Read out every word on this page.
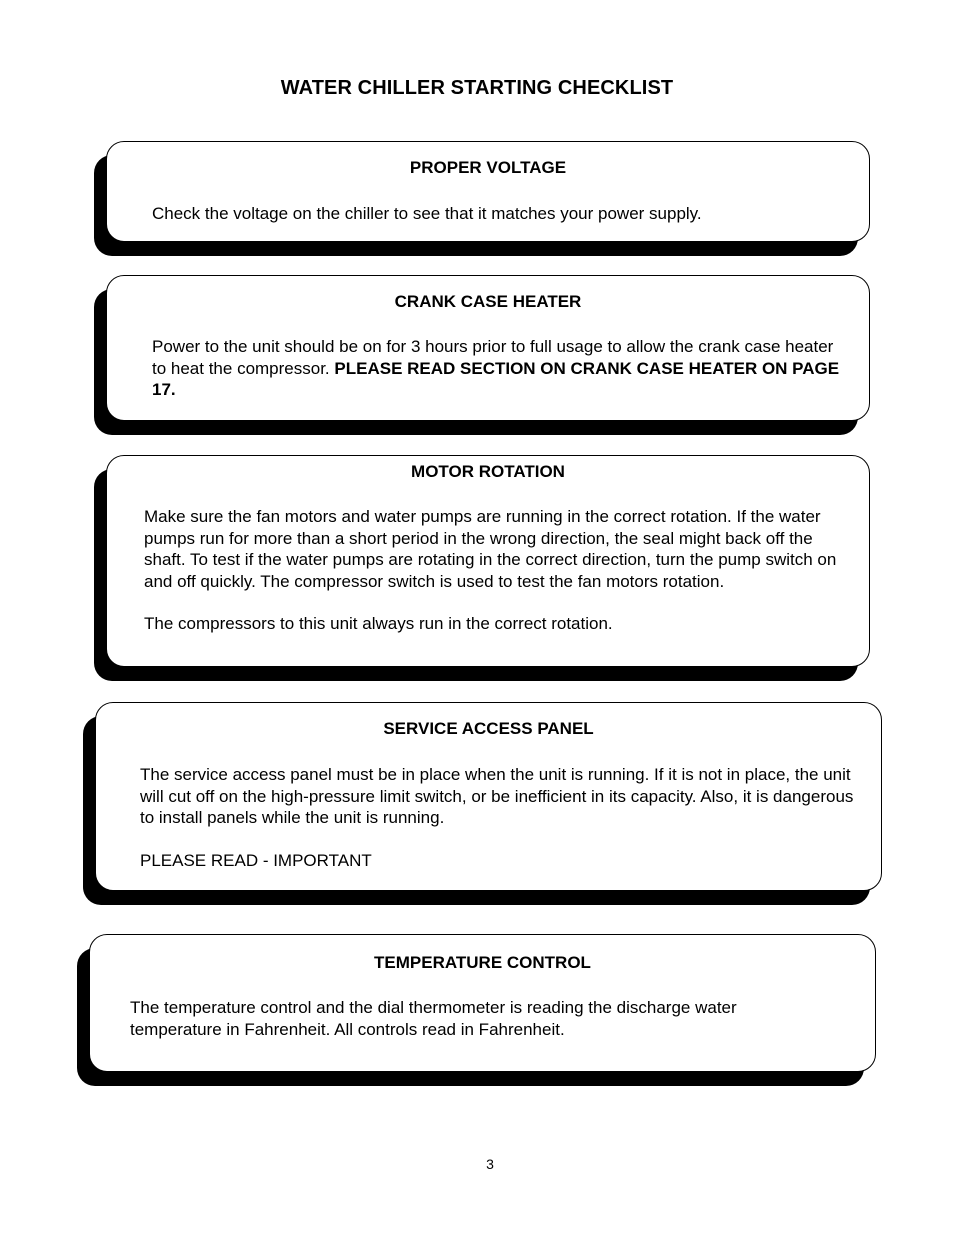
WATER CHILLER STARTING CHECKLIST
PROPER VOLTAGE

Check the voltage on the chiller to see that it matches your power supply.

CRANK CASE HEATER

Power to the unit should be on for 3 hours prior to full usage to allow the crank case heater to heat the compressor. PLEASE READ SECTION ON CRANK CASE HEATER ON PAGE 17.

MOTOR ROTATION

Make sure the fan motors and water pumps are running in the correct rotation. If the water pumps run for more than a short period in the wrong direction, the seal might back off the shaft. To test if the water pumps are rotating in the correct direction, turn the pump switch on and off quickly. The compressor switch is used to test the fan motors rotation.

The compressors to this unit always run in the correct rotation.

SERVICE ACCESS PANEL

The service access panel must be in place when the unit is running. If it is not in place, the unit will cut off on the high-pressure limit switch, or be inefficient in its capacity. Also, it is dangerous to install panels while the unit is running.

PLEASE READ - IMPORTANT

TEMPERATURE CONTROL

The temperature control and the dial thermometer is reading the discharge water temperature in Fahrenheit. All controls read in Fahrenheit.

3
